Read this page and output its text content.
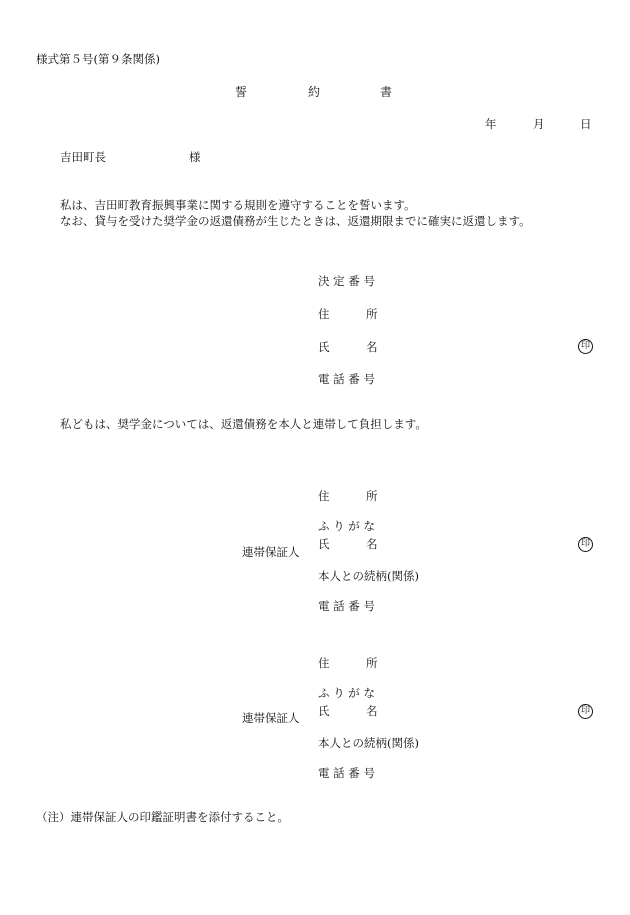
様式第５号(第９条関係)
誓	約	書
年	月	日
吉田町長	様
私は、吉田町教育振興事業に関する規則を遵守することを誓います。
なお、貸与を受けた奨学金の返還債務が生じたときは、返還期限までに確実に返還します。
決 定 番 号
住	所
氏	名	印
電 話 番 号
私どもは、奨学金については、返還債務を本人と連帯して負担します。
住	所
ふ り が な
連帯保証人
氏	名	印
本人との続柄(関係)
電 話 番 号
住	所
ふ り が な
連帯保証人 氏	名	印
本人との続柄(関係)
電 話 番 号
（注）連帯保証人の印鑑証明書を添付すること。
